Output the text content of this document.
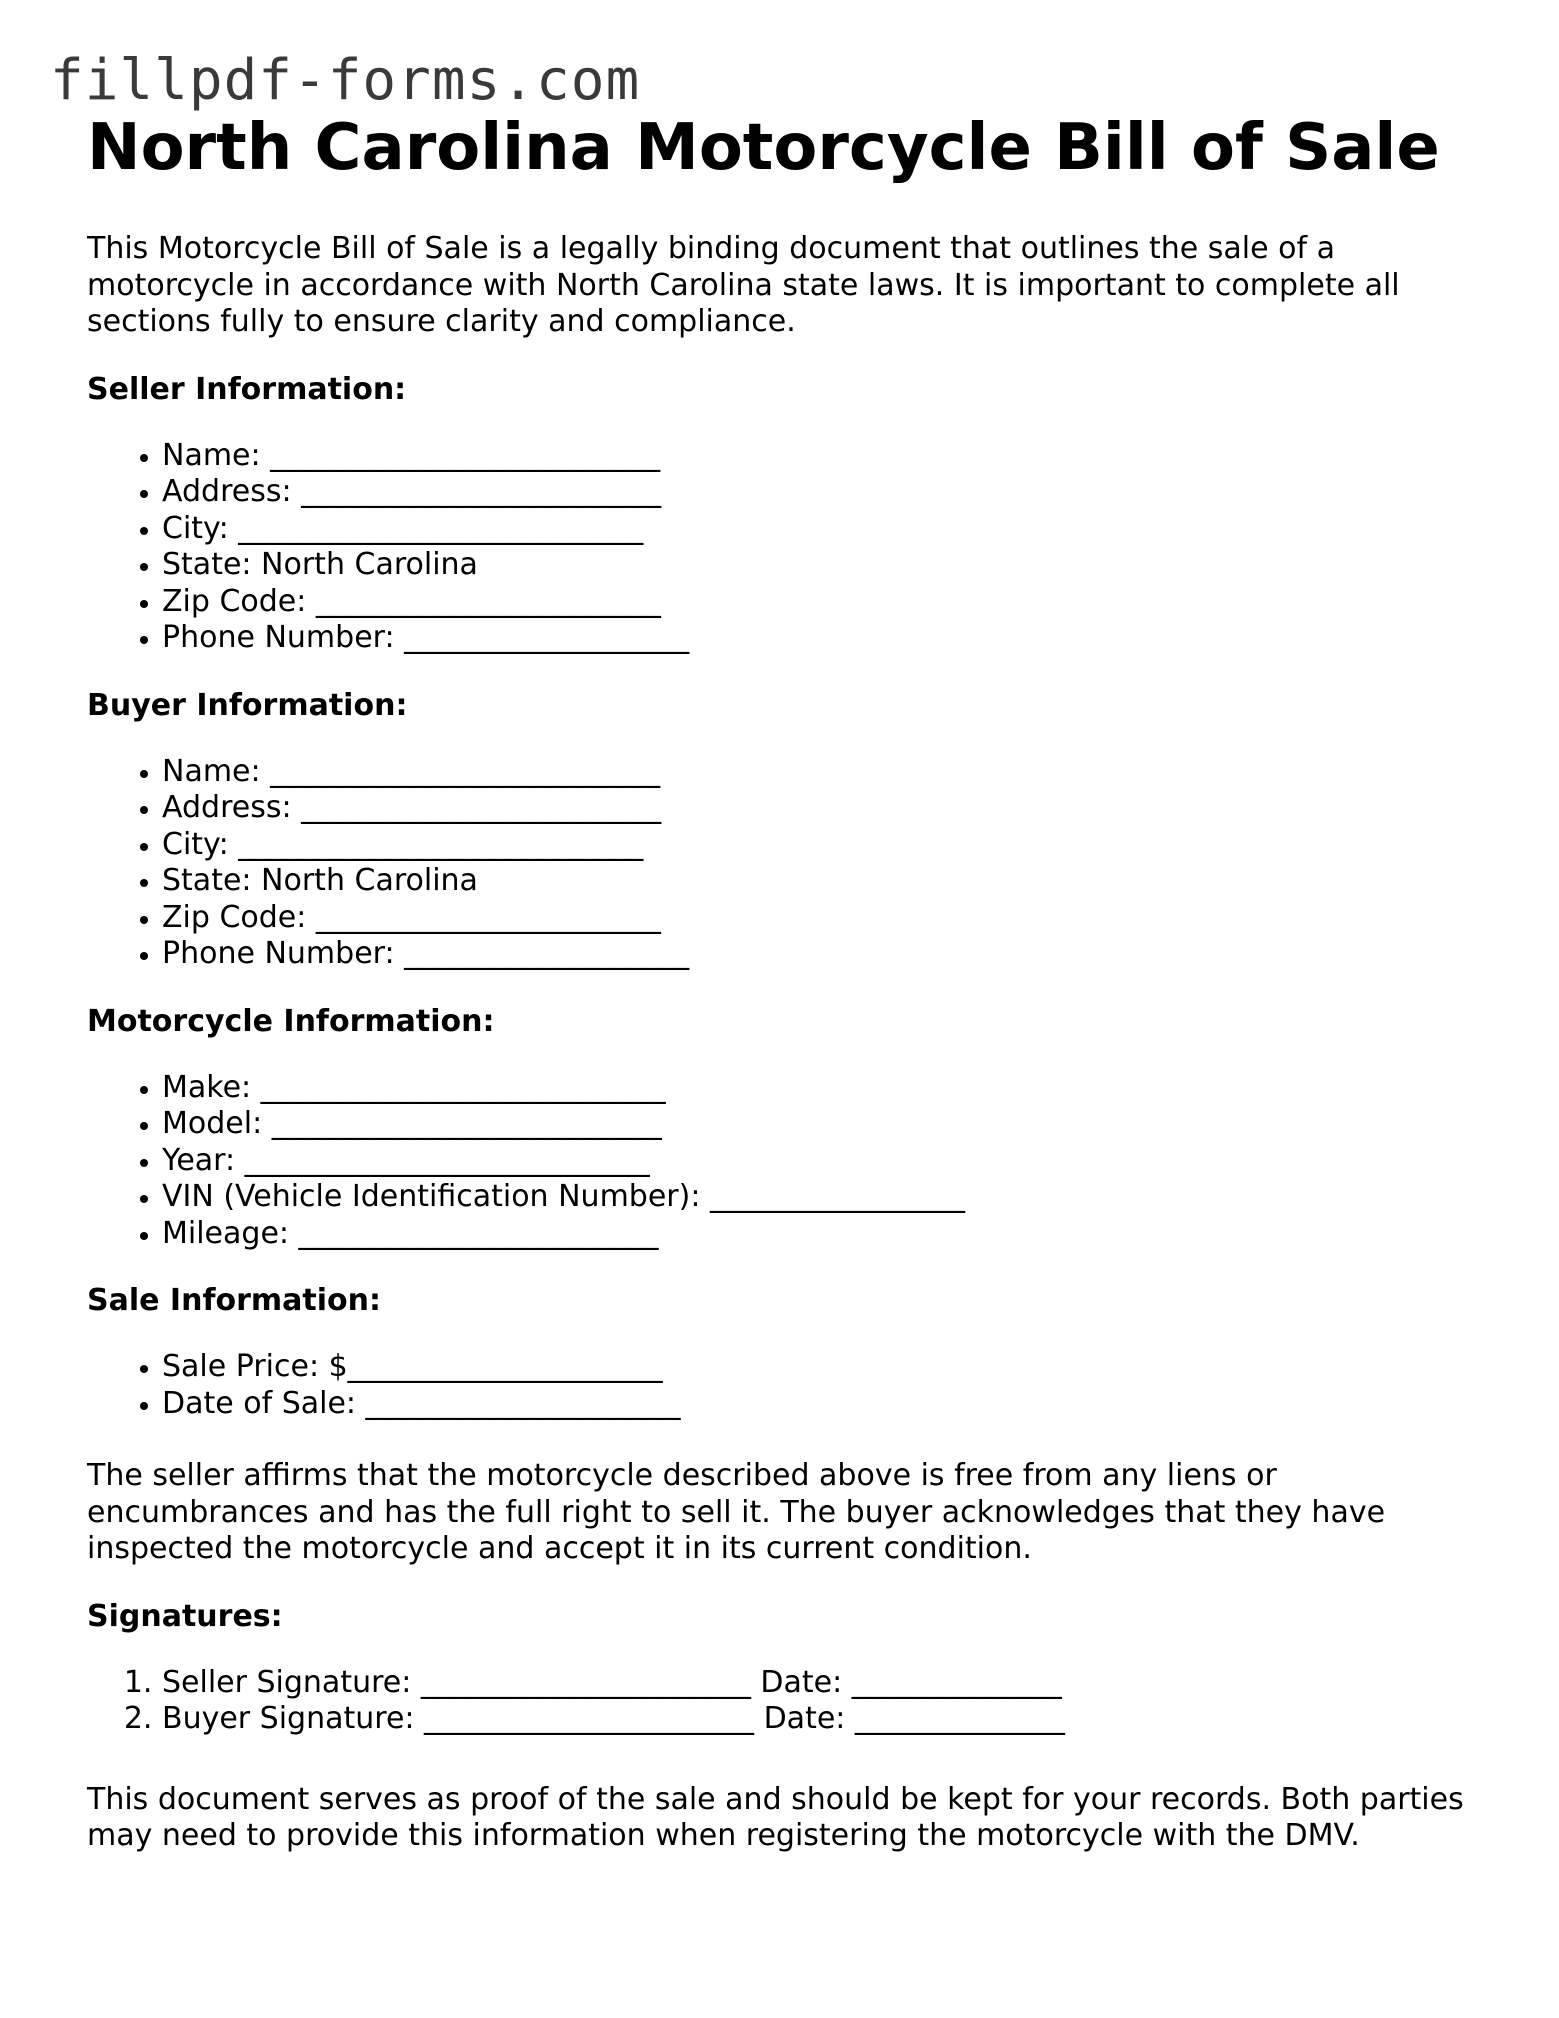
fillpdf-forms.com
North Carolina Motorcycle Bill of Sale

This Motorcycle Bill of Sale is a legally binding document that outlines the sale of a motorcycle in accordance with North Carolina state laws. It is important to complete all sections fully to ensure clarity and compliance.

Seller Information:
• Name: __________________________
• Address: ________________________
• City: ___________________________
• State: North Carolina
• Zip Code: _______________________
• Phone Number: ___________________
Buyer Information:
• Name: __________________________
• Address: ________________________
• City: ___________________________
• State: North Carolina
• Zip Code: _______________________
• Phone Number: ___________________
Motorcycle Information:
• Make: ___________________________
• Model: __________________________
• Year: ___________________________
• VIN (Vehicle Identification Number): _________________
• Mileage: ________________________
Sale Information:
• Sale Price: $_____________________
• Date of Sale: _____________________

The seller affirms that the motorcycle described above is free from any liens or encumbrances and has the full right to sell it. The buyer acknowledges that they have inspected the motorcycle and accept it in its current condition.

Signatures:
1. Seller Signature: ______________________ Date: ______________
2. Buyer Signature: ______________________ Date: ______________

This document serves as proof of the sale and should be kept for your records. Both parties may need to provide this information when registering the motorcycle with the DMV.
